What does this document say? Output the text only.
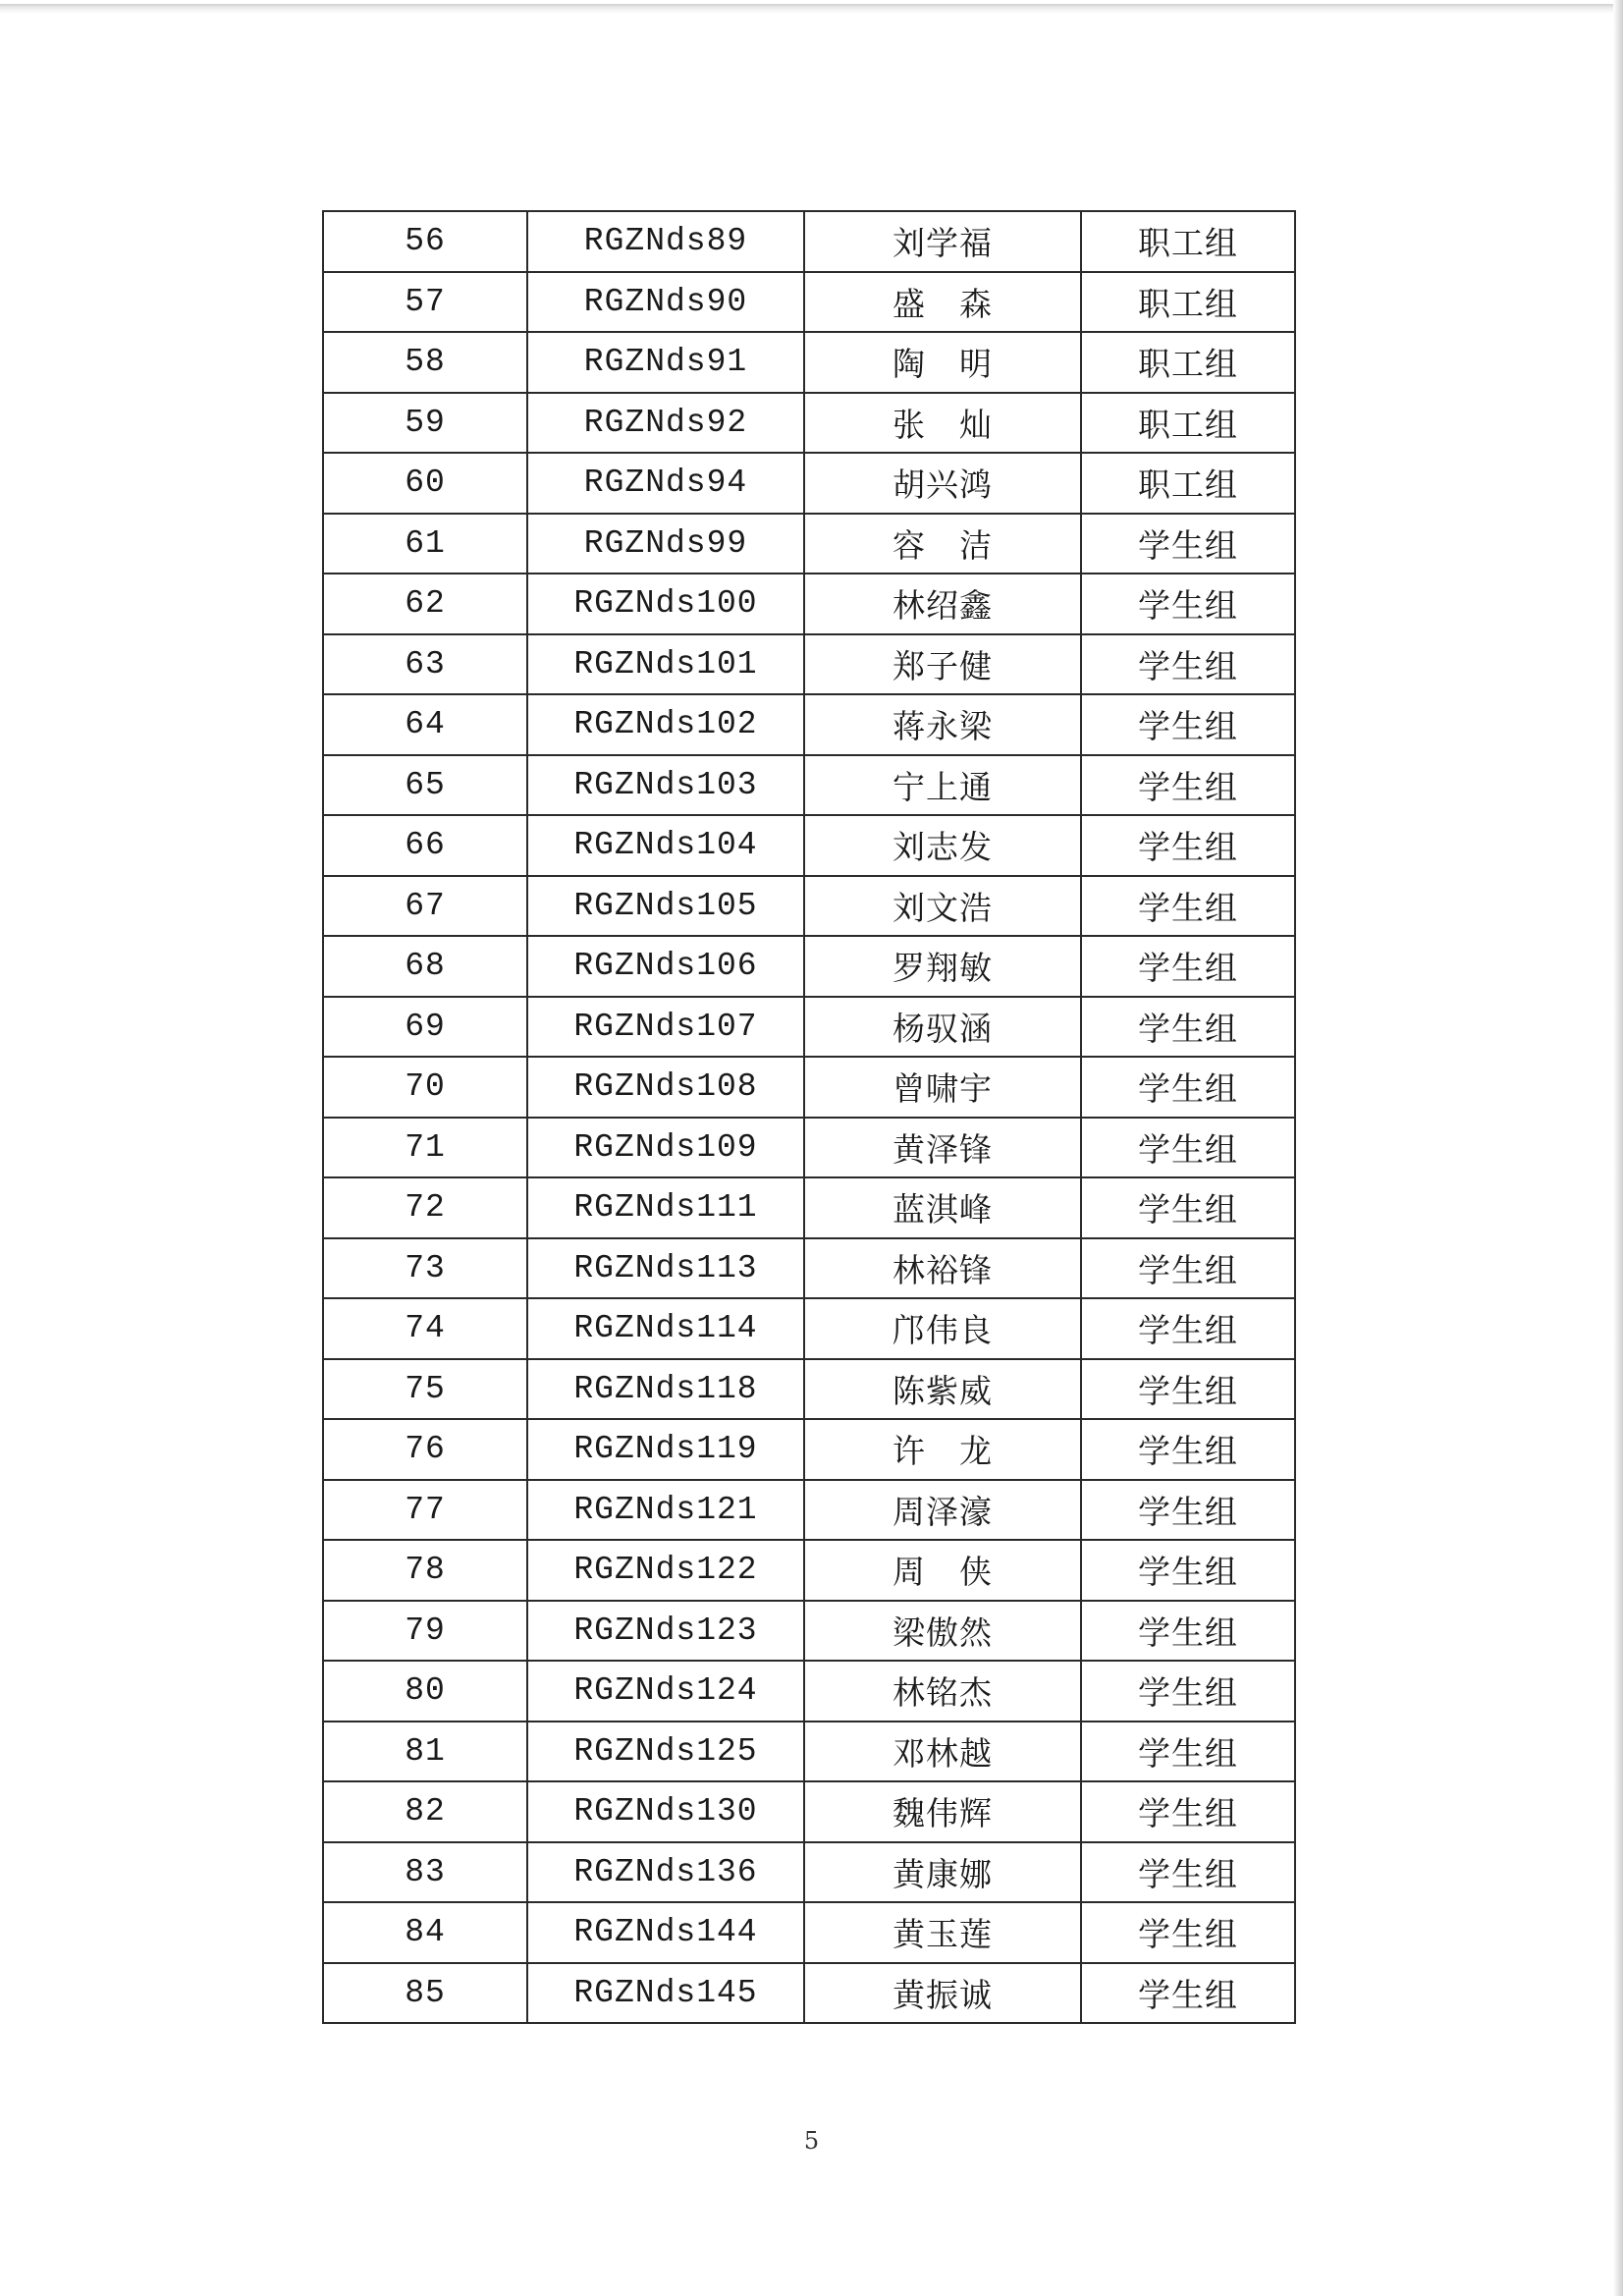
56	RGZNds89	刘学福	职工组
57	RGZNds90	盛　森	职工组
58	RGZNds91	陶　明	职工组
59	RGZNds92	张　灿	职工组
60	RGZNds94	胡兴鸿	职工组
61	RGZNds99	容　洁	学生组
62	RGZNds100	林绍鑫	学生组
63	RGZNds101	郑子健	学生组
64	RGZNds102	蒋永梁	学生组
65	RGZNds103	宁上通	学生组
66	RGZNds104	刘志发	学生组
67	RGZNds105	刘文浩	学生组
68	RGZNds106	罗翔敏	学生组
69	RGZNds107	杨驭涵	学生组
70	RGZNds108	曾啸宇	学生组
71	RGZNds109	黄泽锋	学生组
72	RGZNds111	蓝淇峰	学生组
73	RGZNds113	林裕锋	学生组
74	RGZNds114	邝伟良	学生组
75	RGZNds118	陈紫威	学生组
76	RGZNds119	许　龙	学生组
77	RGZNds121	周泽濠	学生组
78	RGZNds122	周　侠	学生组
79	RGZNds123	梁傲然	学生组
80	RGZNds124	林铭杰	学生组
81	RGZNds125	邓林越	学生组
82	RGZNds130	魏伟辉	学生组
83	RGZNds136	黄康娜	学生组
84	RGZNds144	黄玉莲	学生组
85	RGZNds145	黄振诚	学生组
5
